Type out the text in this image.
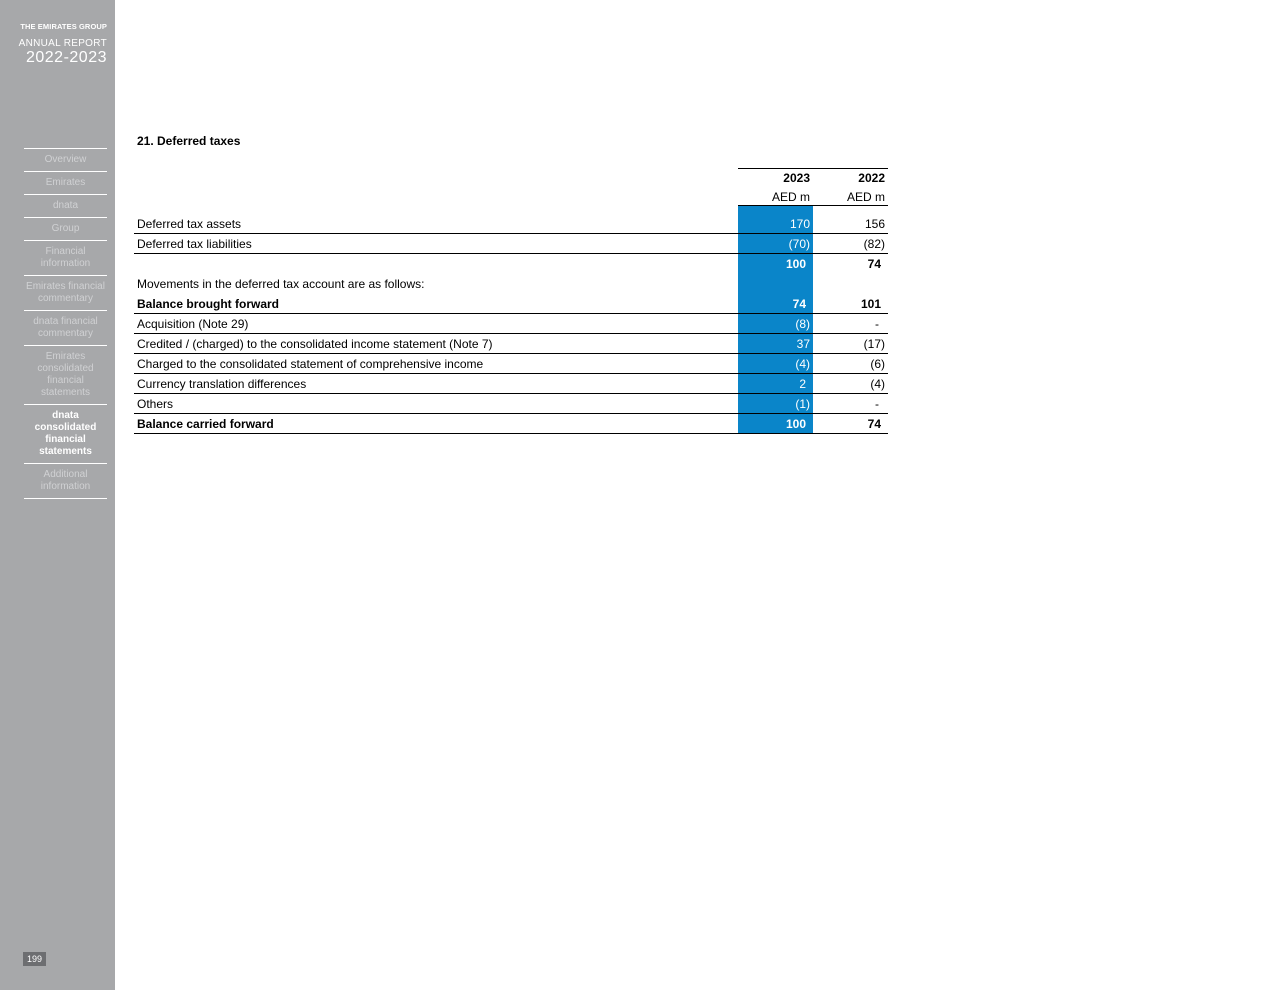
THE EMIRATES GROUP
ANNUAL REPORT
2022-2023
Overview
Emirates
dnata
Group
Financial information
Emirates financial commentary
dnata financial commentary
Emirates consolidated financial statements
dnata consolidated financial statements
Additional information
199
21. Deferred taxes
2023	2022
AED m	AED m
Deferred tax assets	170	156
Deferred tax liabilities	(70)	(82)
100	74
Movements in the deferred tax account are as follows:
Balance brought forward	74	101
Acquisition (Note 29)	(8)	-
Credited / (charged) to the consolidated income statement (Note 7)	37	(17)
Charged to the consolidated statement of comprehensive income	(4)	(6)
Currency translation differences	2	(4)
Others	(1)	-
Balance carried forward	100	74
